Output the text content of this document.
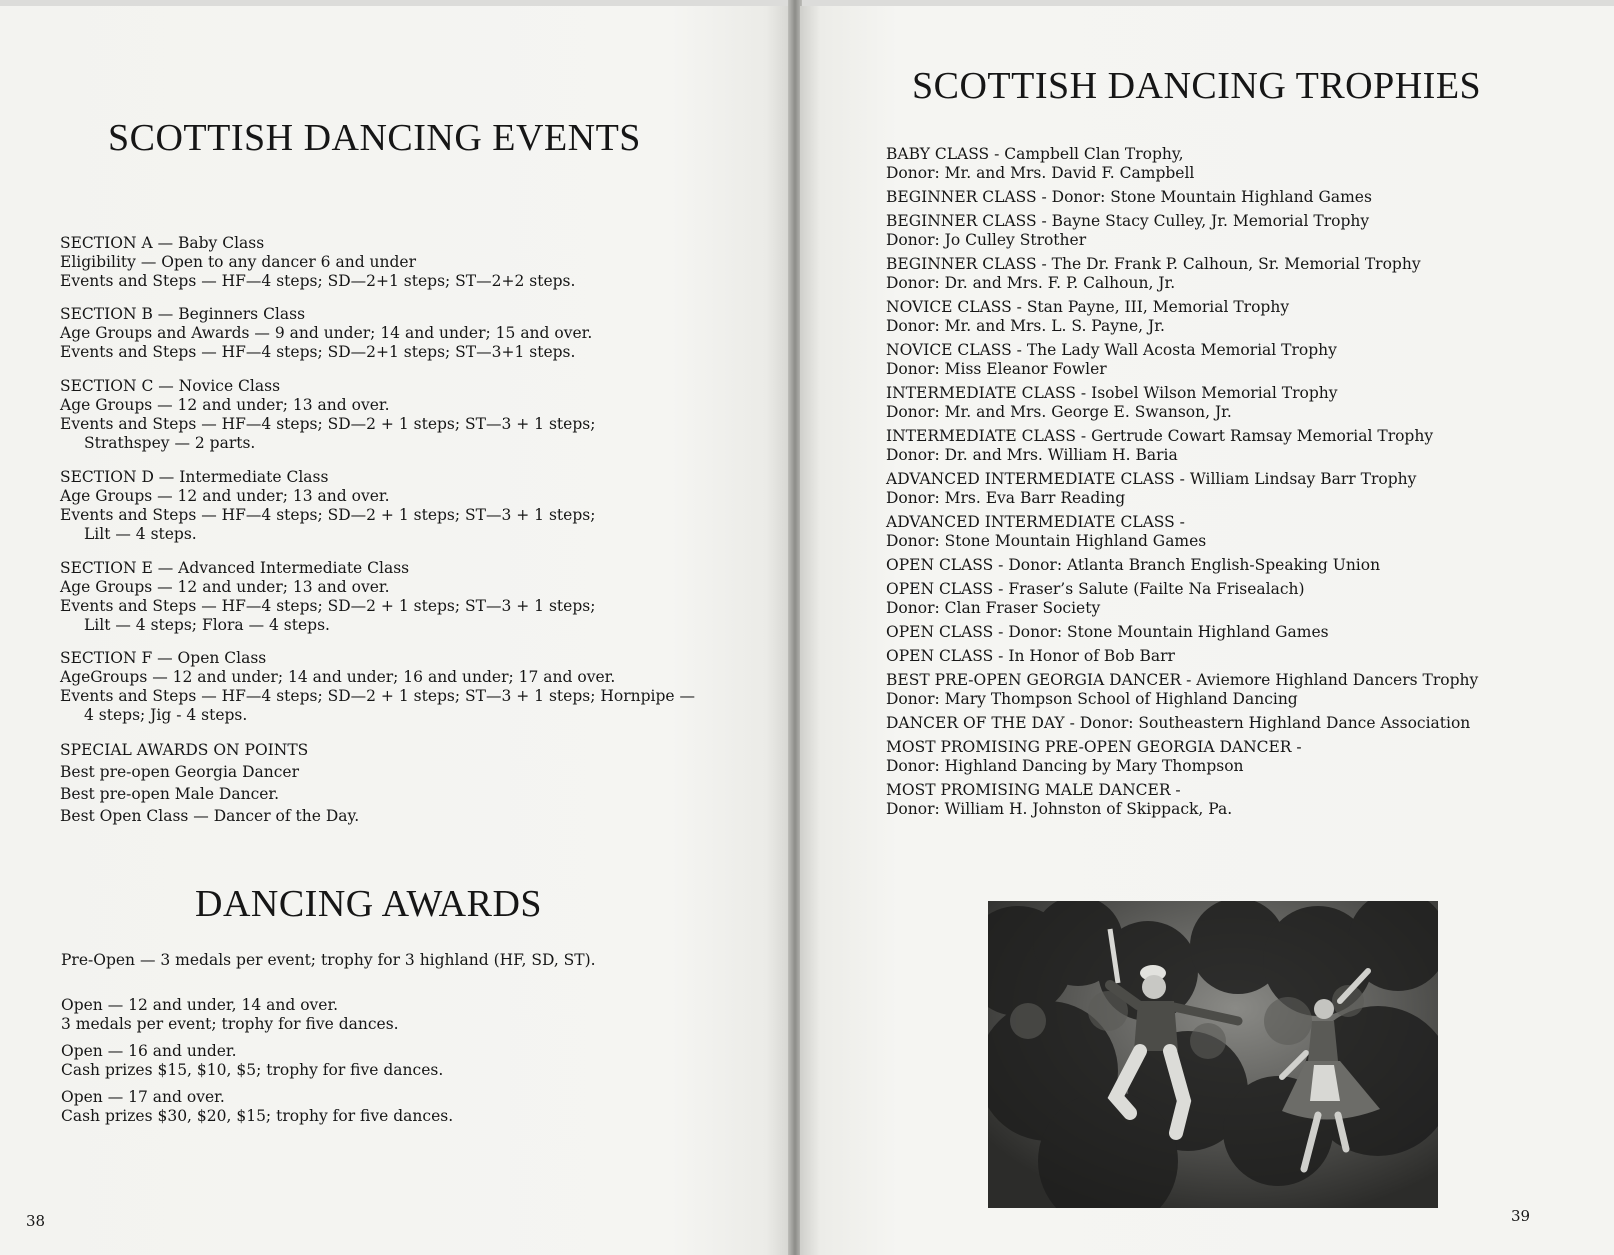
SCOTTISH DANCING EVENTS
SECTION A — Baby Class
Eligibility — Open to any dancer 6 and under
Events and Steps — HF—4 steps; SD—2+1 steps; ST—2+2 steps.
SECTION B — Beginners Class
Age Groups and Awards — 9 and under; 14 and under; 15 and over.
Events and Steps — HF—4 steps; SD—2+1 steps; ST—3+1 steps.
SECTION C — Novice Class
Age Groups — 12 and under; 13 and over.
Events and Steps — HF—4 steps; SD—2 + 1 steps; ST—3 + 1 steps;
Strathspey — 2 parts.
SECTION D — Intermediate Class
Age Groups — 12 and under; 13 and over.
Events and Steps — HF—4 steps; SD—2 + 1 steps; ST—3 + 1 steps;
Lilt — 4 steps.
SECTION E — Advanced Intermediate Class
Age Groups — 12 and under; 13 and over.
Events and Steps — HF—4 steps; SD—2 + 1 steps; ST—3 + 1 steps;
Lilt — 4 steps; Flora — 4 steps.
SECTION F — Open Class
AgeGroups — 12 and under; 14 and under; 16 and under; 17 and over.
Events and Steps — HF—4 steps; SD—2 + 1 steps; ST—3 + 1 steps; Hornpipe —
4 steps; Jig - 4 steps.
SPECIAL AWARDS ON POINTS
Best pre-open Georgia Dancer
Best pre-open Male Dancer.
Best Open Class — Dancer of the Day.
DANCING AWARDS
Pre-Open — 3 medals per event; trophy for 3 highland (HF, SD, ST).
Open — 12 and under, 14 and over.
3 medals per event; trophy for five dances.
Open — 16 and under.
Cash prizes $15, $10, $5; trophy for five dances.
Open — 17 and over.
Cash prizes $30, $20, $15; trophy for five dances.
38
SCOTTISH DANCING TROPHIES
BABY CLASS - Campbell Clan Trophy,
Donor: Mr. and Mrs. David F. Campbell
BEGINNER CLASS - Donor: Stone Mountain Highland Games
BEGINNER CLASS - Bayne Stacy Culley, Jr. Memorial Trophy
Donor: Jo Culley Strother
BEGINNER CLASS - The Dr. Frank P. Calhoun, Sr. Memorial Trophy
Donor: Dr. and Mrs. F. P. Calhoun, Jr.
NOVICE CLASS - Stan Payne, III, Memorial Trophy
Donor: Mr. and Mrs. L. S. Payne, Jr.
NOVICE CLASS - The Lady Wall Acosta Memorial Trophy
Donor: Miss Eleanor Fowler
INTERMEDIATE CLASS - Isobel Wilson Memorial Trophy
Donor: Mr. and Mrs. George E. Swanson, Jr.
INTERMEDIATE CLASS - Gertrude Cowart Ramsay Memorial Trophy
Donor: Dr. and Mrs. William H. Baria
ADVANCED INTERMEDIATE CLASS - William Lindsay Barr Trophy
Donor: Mrs. Eva Barr Reading
ADVANCED INTERMEDIATE CLASS -
Donor: Stone Mountain Highland Games
OPEN CLASS - Donor: Atlanta Branch English-Speaking Union
OPEN CLASS - Fraser’s Salute (Failte Na Frisealach)
Donor: Clan Fraser Society
OPEN CLASS - Donor: Stone Mountain Highland Games
OPEN CLASS - In Honor of Bob Barr
BEST PRE-OPEN GEORGIA DANCER - Aviemore Highland Dancers Trophy
Donor: Mary Thompson School of Highland Dancing
DANCER OF THE DAY - Donor: Southeastern Highland Dance Association
MOST PROMISING PRE-OPEN GEORGIA DANCER -
Donor: Highland Dancing by Mary Thompson
MOST PROMISING MALE DANCER -
Donor: William H. Johnston of Skippack, Pa.
39
